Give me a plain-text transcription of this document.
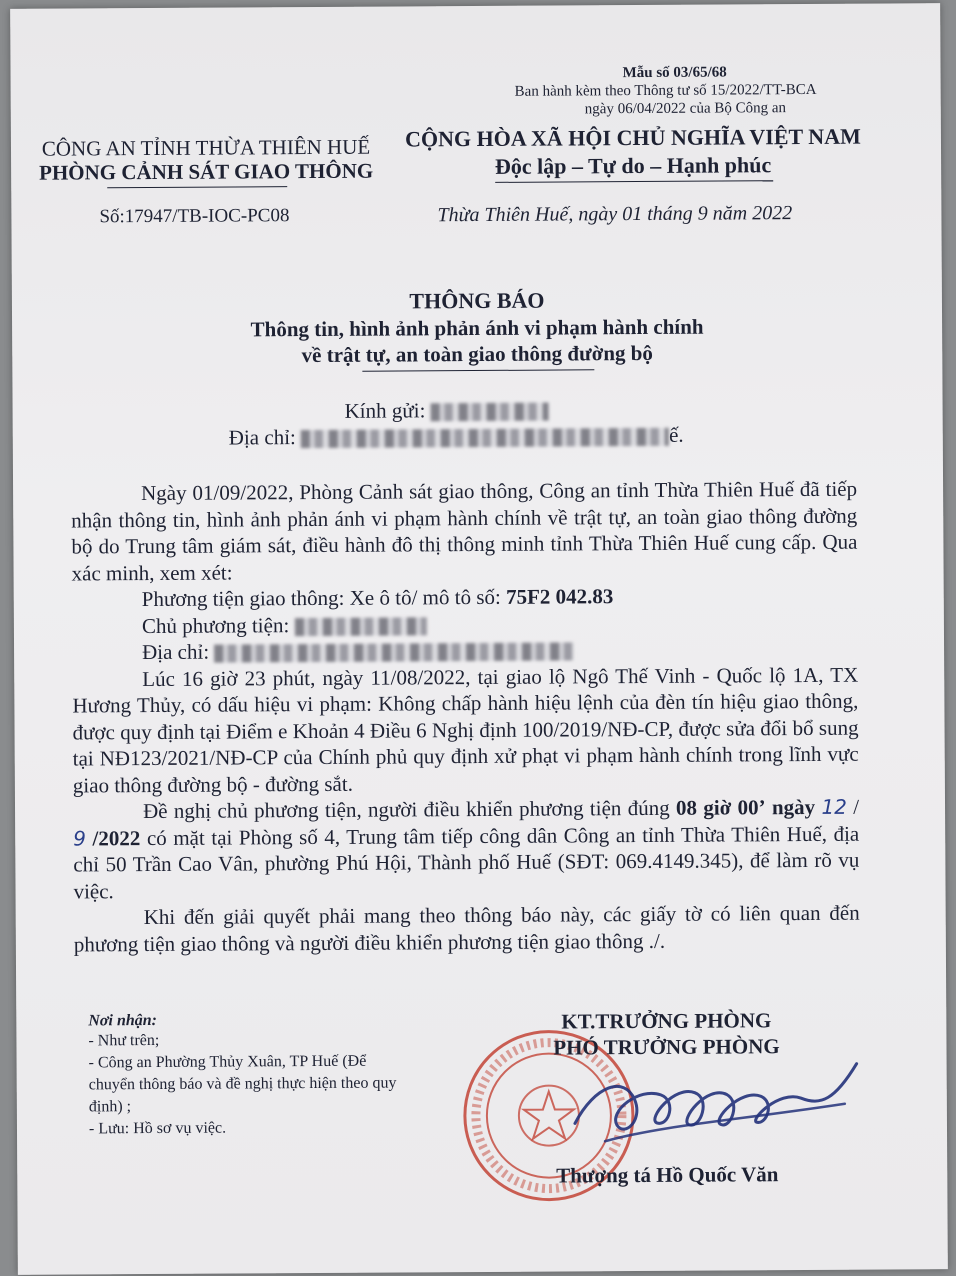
Mẫu số 03/65/68
Ban hành kèm theo Thông tư số 15/2022/TT-BCA
ngày 06/04/2022 của Bộ Công an
CÔNG AN TỈNH THỪA THIÊN HUẾ
PHÒNG CẢNH SÁT GIAO THÔNG
CỘNG HÒA XÃ HỘI CHỦ NGHĨA VIỆT NAM
Độc lập – Tự do – Hạnh phúc
Số:17947/TB-IOC-PC08	Thừa Thiên Huế, ngày 01 tháng 9 năm 2022
THÔNG BÁO
Thông tin, hình ảnh phản ánh vi phạm hành chính
về trật tự, an toàn giao thông đường bộ
Kính gửi:
Địa chỉ:	ế.

Ngày 01/09/2022, Phòng Cảnh sát giao thông, Công an tỉnh Thừa Thiên Huế đã tiếp nhận thông tin, hình ảnh phản ánh vi phạm hành chính về trật tự, an toàn giao thông đường bộ do Trung tâm giám sát, điều hành đô thị thông minh tỉnh Thừa Thiên Huế cung cấp. Qua xác minh, xem xét:

Phương tiện giao thông: Xe ô tô/ mô tô số: 75F2 042.83

Chủ phương tiện:

Địa chỉ:

Lúc 16 giờ 23 phút, ngày 11/08/2022, tại giao lộ Ngô Thế Vinh - Quốc lộ 1A, TX Hương Thủy, có dấu hiệu vi phạm: Không chấp hành hiệu lệnh của đèn tín hiệu giao thông, được quy định tại Điểm e Khoản 4 Điều 6 Nghị định 100/2019/NĐ-CP, được sửa đổi bổ sung tại NĐ123/2021/NĐ-CP của Chính phủ quy định xử phạt vi phạm hành chính trong lĩnh vực giao thông đường bộ - đường sắt.

Đề nghị chủ phương tiện, người điều khiển phương tiện đúng 08 giờ 00’ ngày 12 / 9 /2022 có mặt tại Phòng số 4, Trung tâm tiếp công dân Công an tỉnh Thừa Thiên Huế, địa chỉ 50 Trần Cao Vân, phường Phú Hội, Thành phố Huế (SĐT: 069.4149.345), để làm rõ vụ việc.

Khi đến giải quyết phải mang theo thông báo này, các giấy tờ có liên quan đến phương tiện giao thông và người điều khiển phương tiện giao thông ./.

Nơi nhận:
- Như trên;
- Công an Phường Thủy Xuân, TP Huế (Để
chuyển thông báo và đề nghị thực hiện theo quy
định) ;
- Lưu: Hồ sơ vụ việc.
KT.TRƯỞNG PHÒNG
PHÓ TRƯỞNG PHÒNG
Thượng tá Hồ Quốc Văn
